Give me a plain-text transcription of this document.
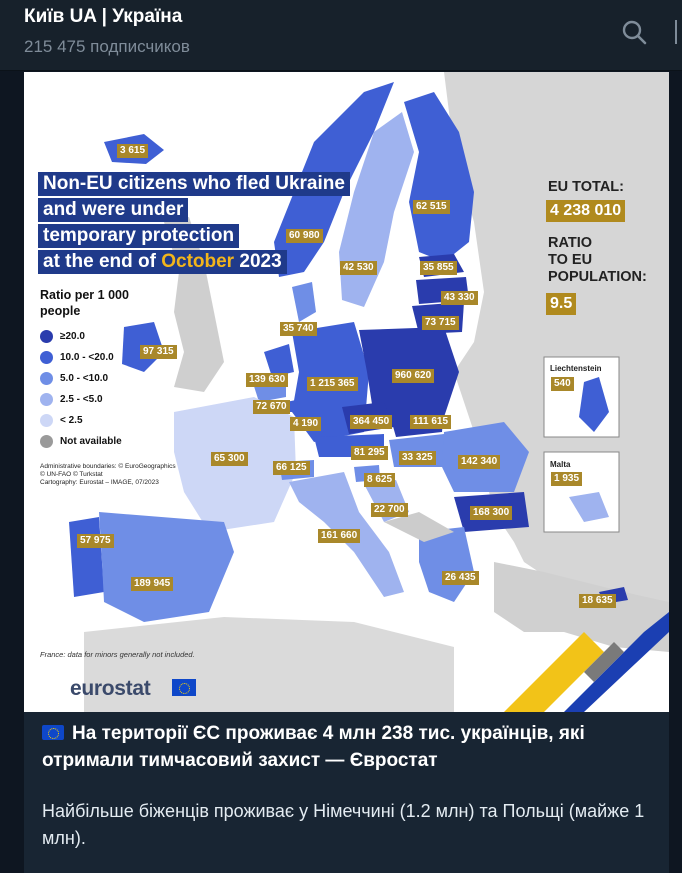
Київ UA | Україна
215 475 подписчиков
Non-EU citizens who fled Ukraine
and were under
temporary protection
at the end of October 2023
Ratio per 1 000 people
≥20.0
10.0 - <20.0
5.0 - <10.0
2.5 - <5.0
< 2.5
Not available
Administrative boundaries: © EuroGeographics
© UN-FAO © Turkstat
Cartography: Eurostat – IMAGE, 07/2023
France: data for minors generally not included.
EU TOTAL:
4 238 010
RATIO
TO EU
POPULATION:
9.5
Liechtenstein
540
Malta
1 935
3 615
97 315
60 980
42 530
62 515
35 855
43 330
73 715
35 740
139 630
72 670
4 190
1 215 365
960 620
364 450	111 615
81 295	33 325	142 340
168 300
65 300
66 125
8 625
22 700
161 660
57 975
189 945
26 435
18 635
eurostat
На території ЄС проживає 4 млн 238 тис. українців, які отримали тимчасовий захист — Євростат
Найбільше біженців проживає у Німеччині (1.2 млн) та Польщі (майже 1 млн).
